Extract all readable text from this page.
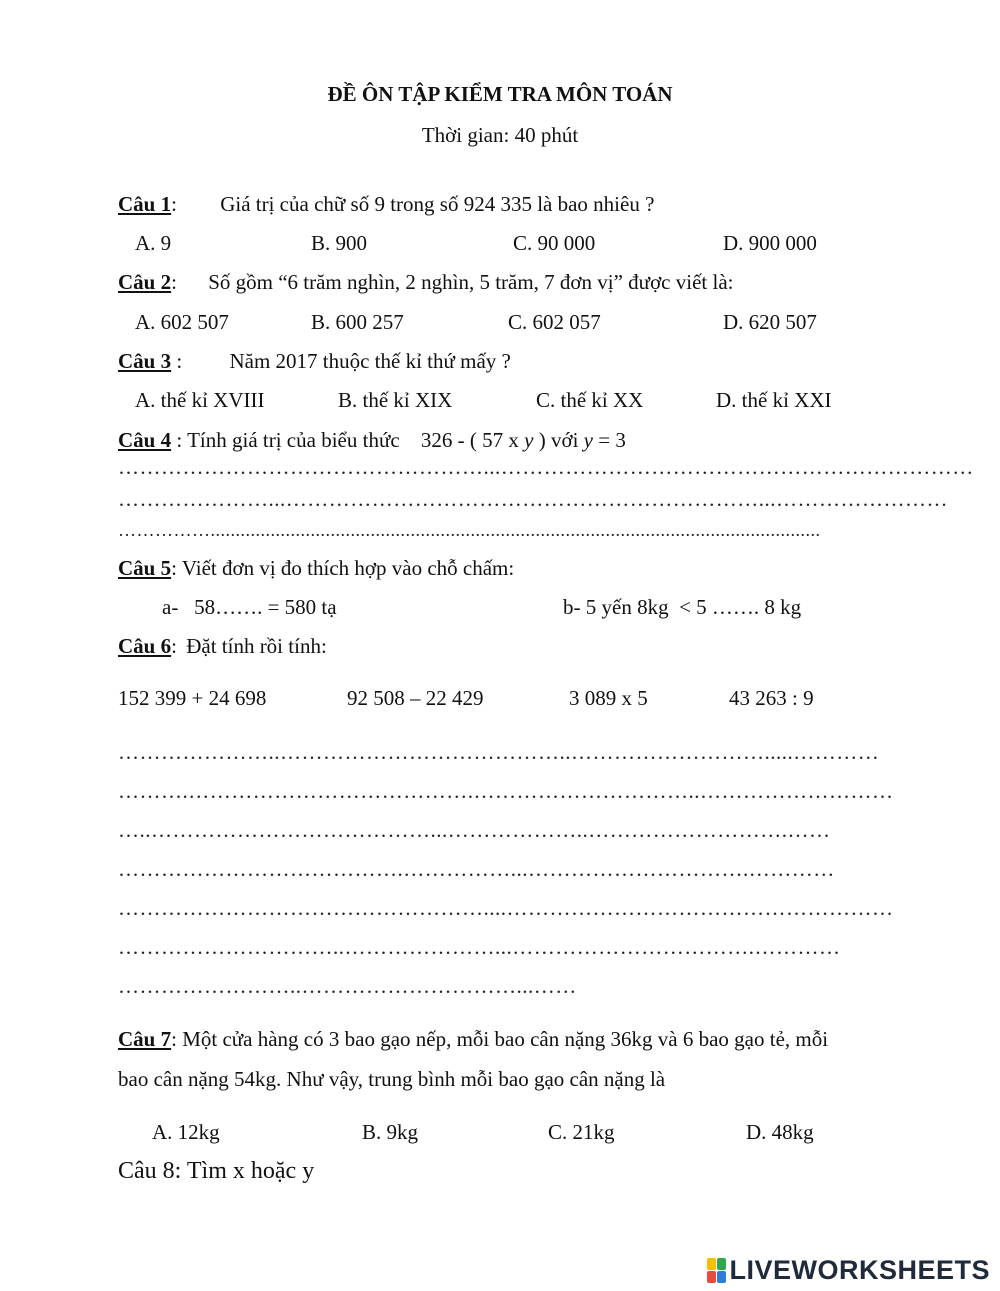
ĐỀ ÔN TẬP KIỂM TRA MÔN TOÁN
Thời gian: 40 phút
Câu 1: Giá trị của chữ số 9 trong số 924 335 là bao nhiêu ?
A. 9	B. 900	C. 90 000	D. 900 000
Câu 2: Số gồm “6 trăm nghìn, 2 nghìn, 5 trăm, 7 đơn vị” được viết là:
A. 602 507	B. 600 257	C. 602 057	D. 620 507
Câu 3 : Năm 2017 thuộc thế kỉ thứ mấy ?
A. thế kỉ XVIII	B. thế kỉ XIX	C. thế kỉ XX	D. thế kỉ XXI
Câu 4 : Tính giá trị của biểu thức 326 - ( 57 x y ) với y = 3
……………………………………………...…………………………………………………………
…………………...…………………………………………………………...……………………
……………..........................................................................................................................
Câu 5: Viết đơn vị đo thích hợp vào chỗ chấm:
a-   58……. = 580 tạ	b- 5 yến 8kg  < 5 ……. 8 kg
Câu 6: Đặt tính rồi tính:
152 399 + 24 698	92 508 – 22 429	3 089 x 5	43 263 : 9
…………………..…………………………………..……………………….....…………
……….………………………………….…………………………..………………………
…..…………………………………...………………..……………………….……
………………………………….……………...………………………….…………
……………………………………………....………………………………………………
…………………………..…………………...…………………………….…………
……………………..…………………………...……
Câu 7: Một cửa hàng có 3 bao gạo nếp, mỗi bao cân nặng 36kg và 6 bao gạo tẻ, mỗi
bao cân nặng 54kg. Như vậy, trung bình mỗi bao gạo cân nặng là
A. 12kg	B. 9kg	C. 21kg	D. 48kg
Câu 8: Tìm x hoặc y
LIVEWORKSHEETS
